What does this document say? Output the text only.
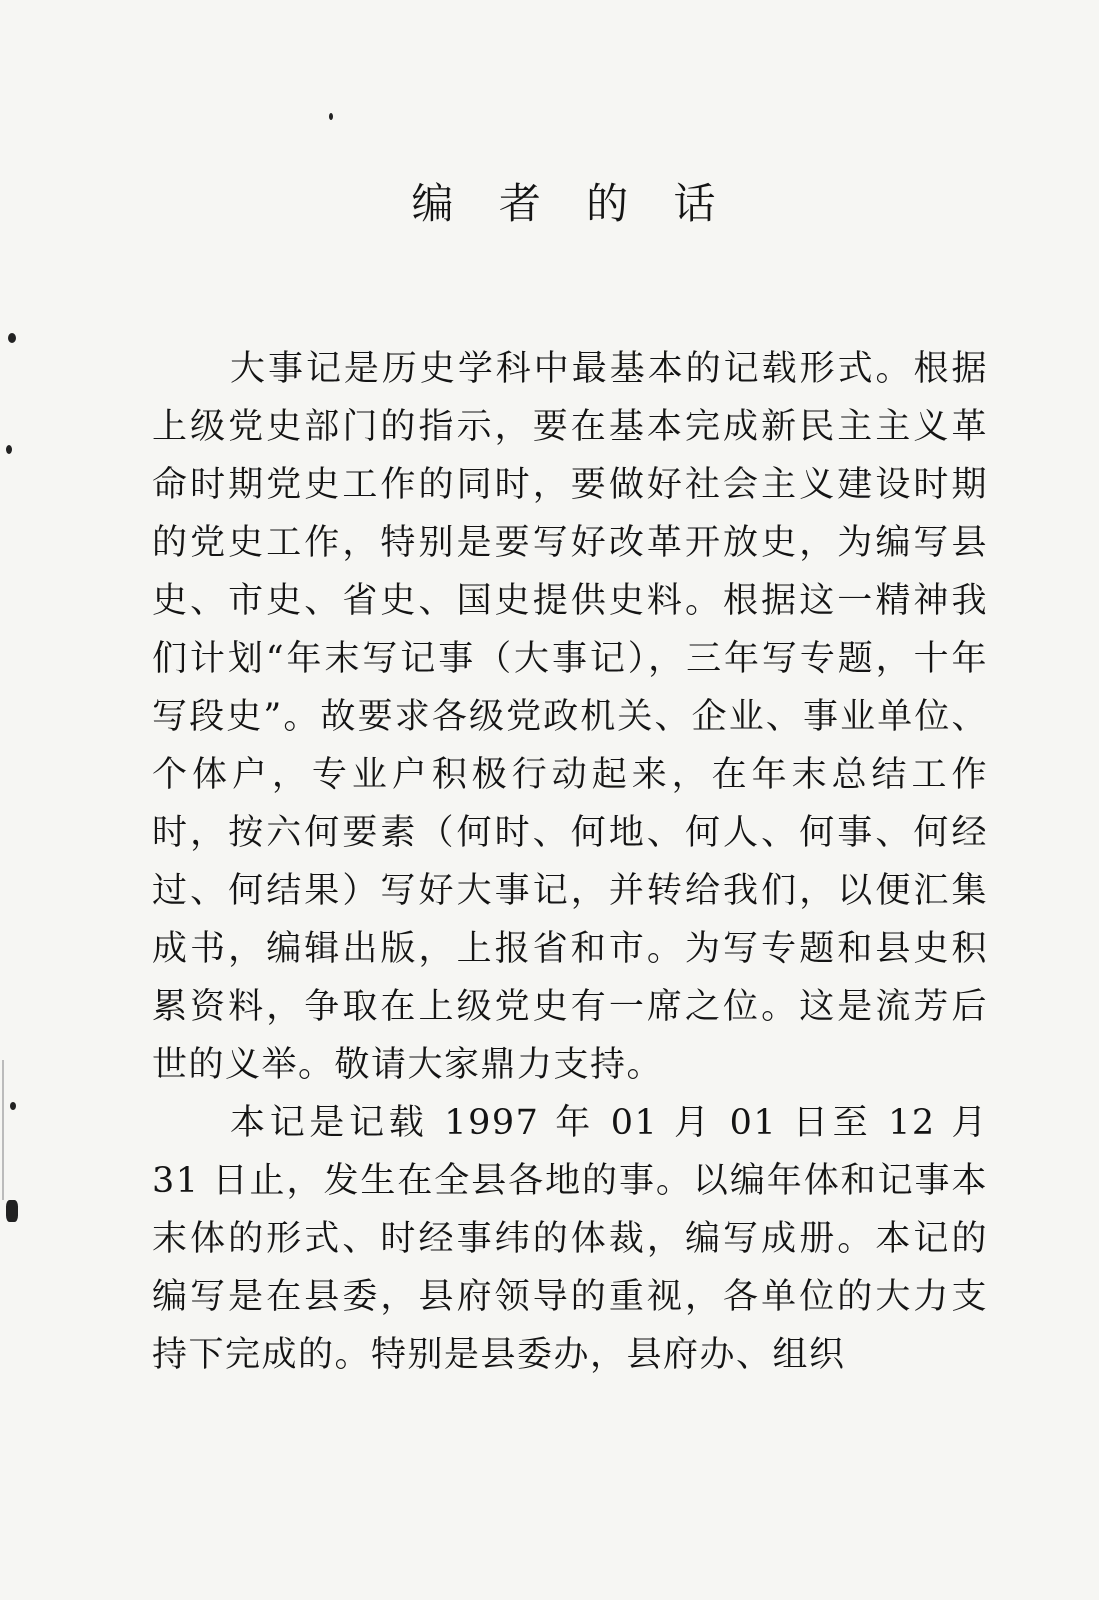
编 者 的 话

大事记是历史学科中最基本的记载形式。根据上级党史部门的指示，要在基本完成新民主主义革命时期党史工作的同时，要做好社会主义建设时期的党史工作，特别是要写好改革开放史，为编写县史、市史、省史、国史提供史料。根据这一精神我们计划“年末写记事（大事记），三年写专题，十年写段史”。故要求各级党政机关、企业、事业单位、个体户，专业户积极行动起来，在年末总结工作时，按六何要素（何时、何地、何人、何事、何经过、何结果）写好大事记，并转给我们，以便汇集成书，编辑出版，上报省和市。为写专题和县史积累资料，争取在上级党史有一席之位。这是流芳后世的义举。敬请大家鼎力支持。

本记是记载 1997 年 01 月 01 日至 12 月 31 日止，发生在全县各地的事。以编年体和记事本末体的形式、时经事纬的体裁，编写成册。本记的编写是在县委，县府领导的重视，各单位的大力支持下完成的。特别是县委办，县府办、组织
